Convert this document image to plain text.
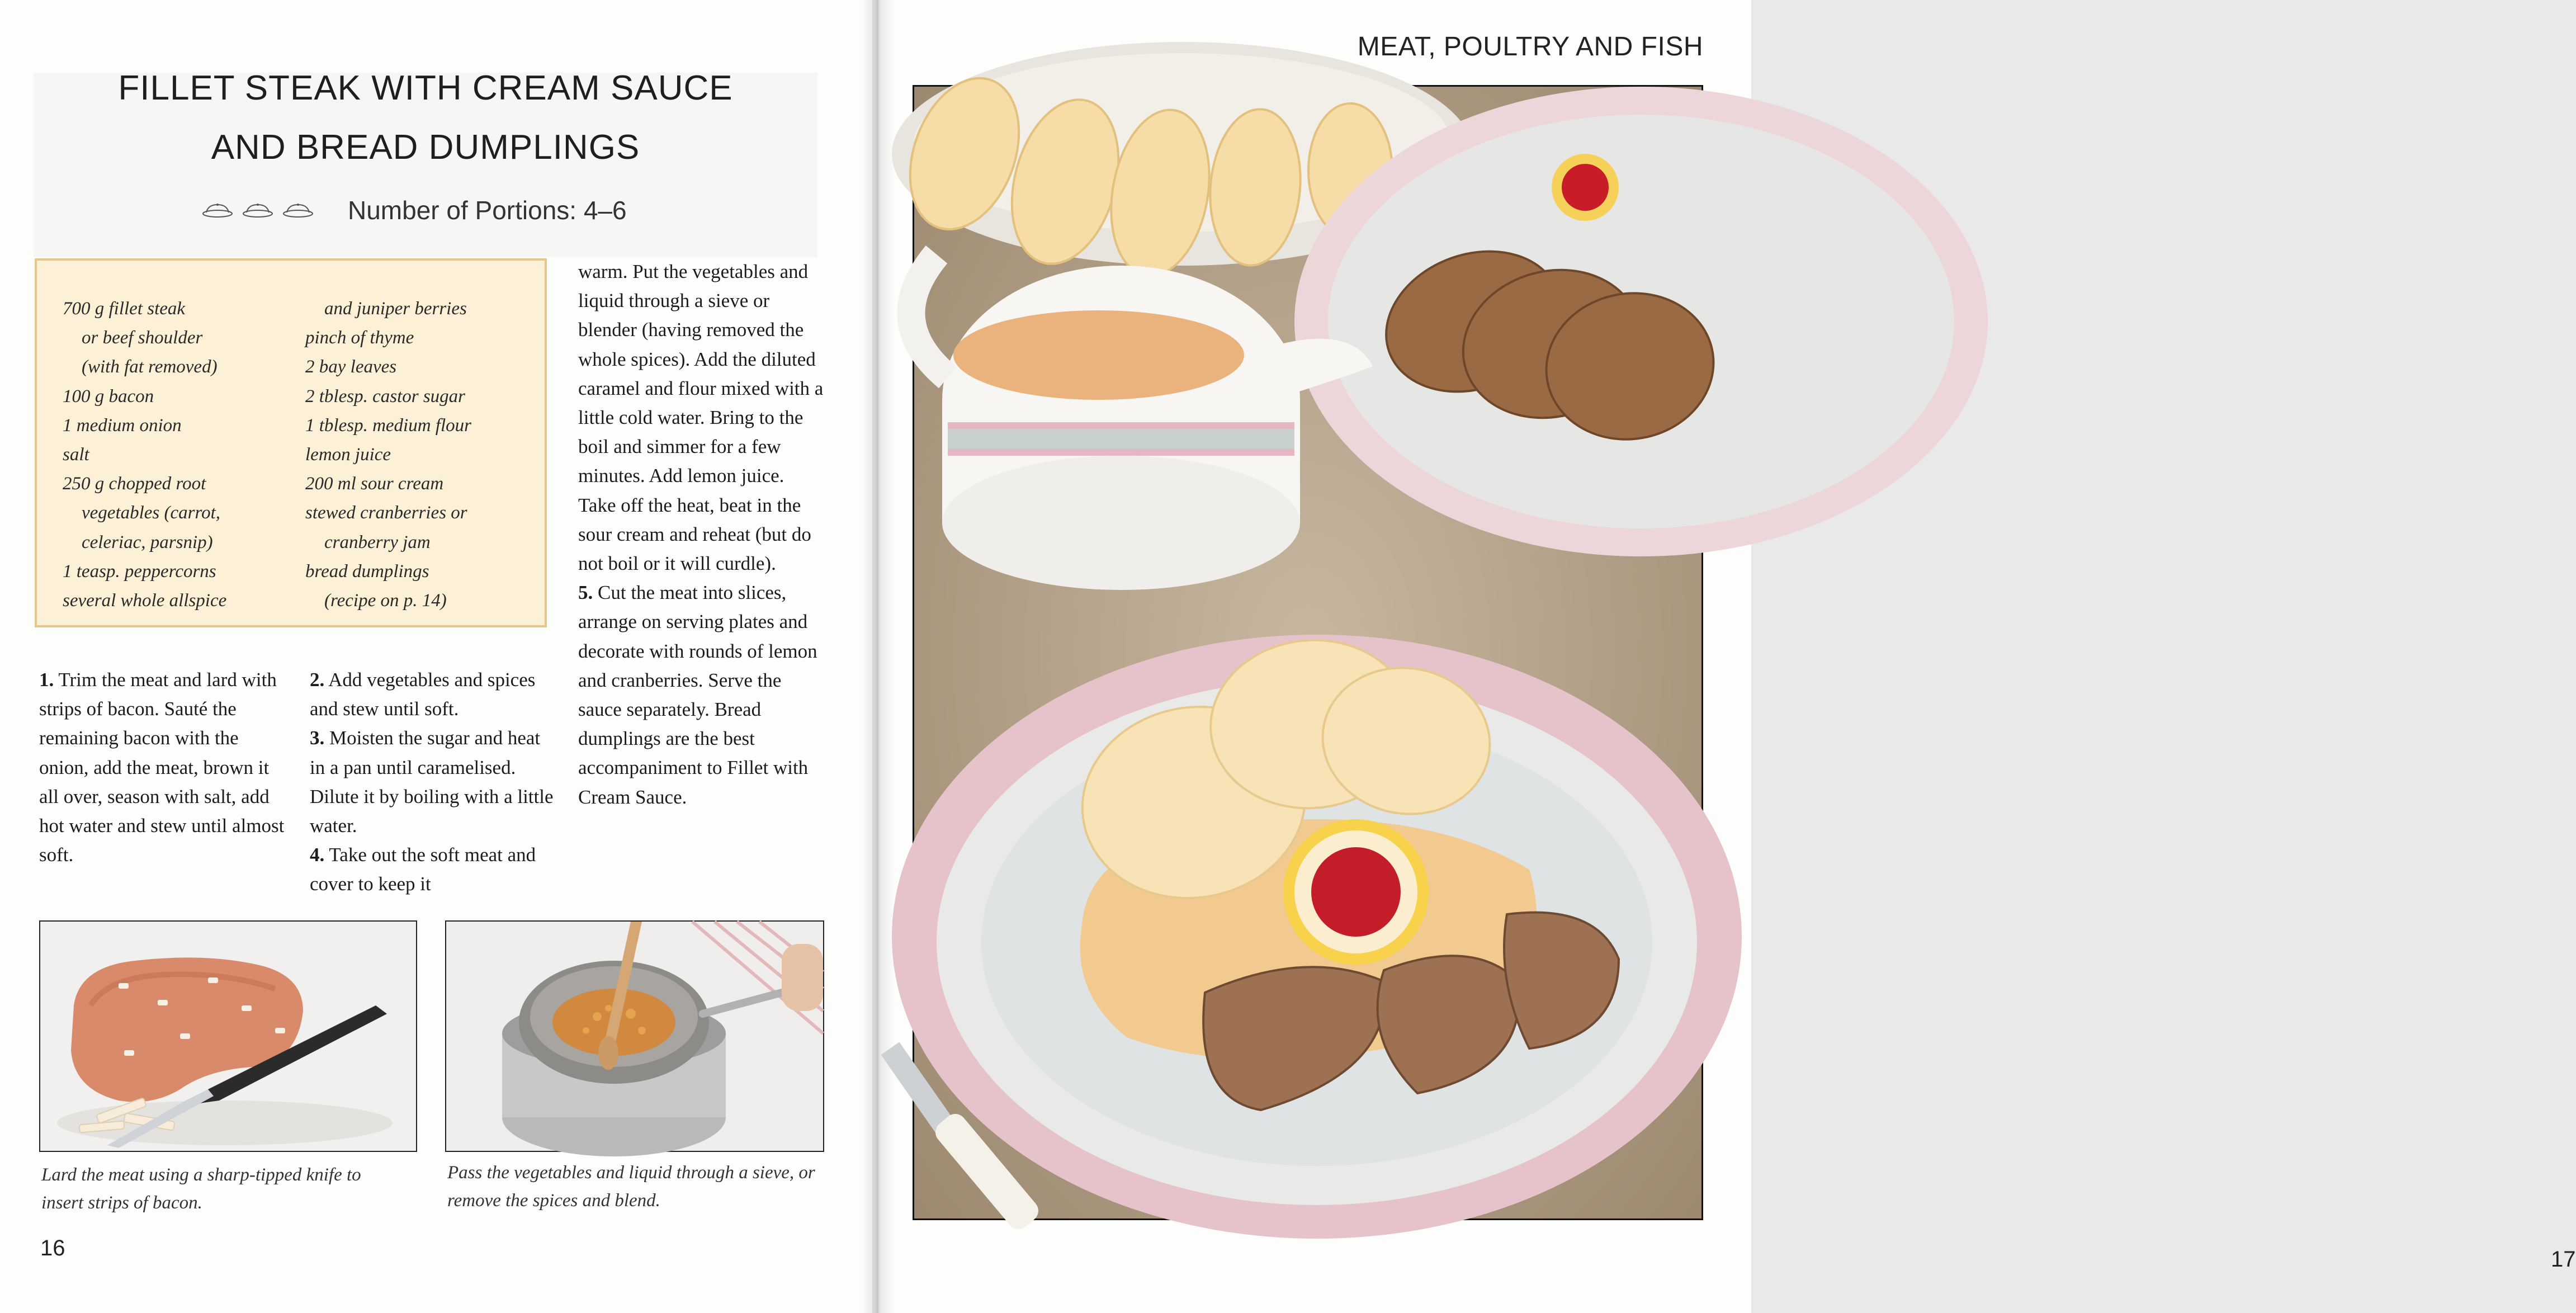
FILLET STEAK WITH CREAM SAUCE
AND BREAD DUMPLINGS
Number of Portions: 4–6
700 g fillet steak
or beef shoulder
(with fat removed)
100 g bacon
1 medium onion
salt
250 g chopped root
vegetables (carrot,
celeriac, parsnip)
1 teasp. peppercorns
several whole allspice
and juniper berries
pinch of thyme
2 bay leaves
2 tblesp. castor sugar
1 tblesp. medium flour
lemon juice
200 ml sour cream
stewed cranberries or
cranberry jam
bread dumplings
(recipe on p. 14)

1. Trim the meat and lard with strips of bacon. Sauté the remaining bacon with the onion, add the meat, brown it all over, season with salt, add hot water and stew until almost soft.

2. Add vegetables and spices and stew until soft.

3. Moisten the sugar and heat in a pan until caramelised. Dilute it by boiling with a little water.

4. Take out the soft meat and cover to keep it

warm. Put the vegetables and liquid through a sieve or blender (having removed the whole spices). Add the diluted caramel and flour mixed with a little cold water. Bring to the boil and simmer for a few minutes. Add lemon juice. Take off the heat, beat in the sour cream and reheat (but do not boil or it will curdle).

5. Cut the meat into slices, arrange on serving plates and decorate with rounds of lemon and cranberries. Serve the sauce separately. Bread dumplings are the best accompaniment to Fillet with Cream Sauce.

Lard the meat using a sharp-tipped knife to insert strips of bacon.
Pass the vegetables and liquid through a sieve, or remove the spices and blend.
16
MEAT, POULTRY AND FISH
17
